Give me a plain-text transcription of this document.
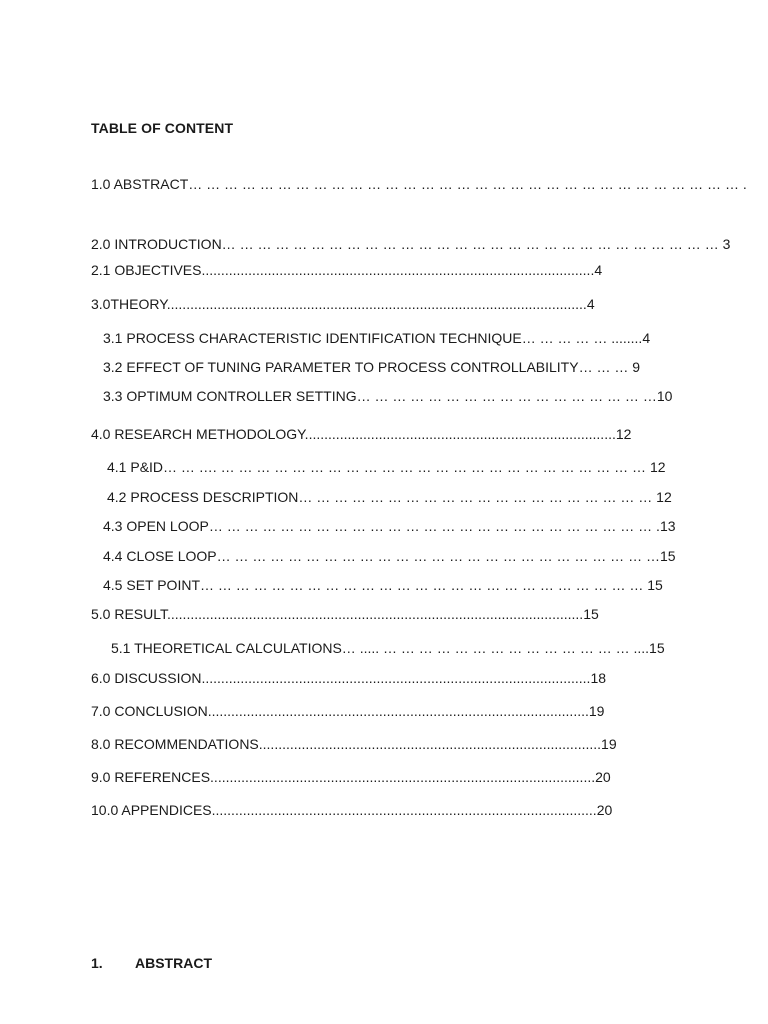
TABLE OF CONTENT
1.0 ABSTRACT… … … … … … … … … … … … … … … … … … … … … … … … … … … … … … … .
2.0 INTRODUCTION… … … … … … … … … … … … … … … … … … … … … … … … … … … … 3
2.1 OBJECTIVES.....................................................................................................4
3.0THEORY............................................................................................................4
3.1 PROCESS CHARACTERISTIC IDENTIFICATION TECHNIQUE… … … … … ........4
3.2 EFFECT OF TUNING PARAMETER TO PROCESS CONTROLLABILITY… … … 9
3.3 OPTIMUM CONTROLLER SETTING… … … … … … … … … … … … … … … … …10
4.0 RESEARCH METHODOLOGY................................................................................12
4.1 P&ID… … …. … … … … … … … … … … … … … … … … … … … … … … … … 12
4.2 PROCESS DESCRIPTION… … … … … … … … … … … … … … … … … … … … 12
4.3 OPEN LOOP… … … … … … … … … … … … … … … … … … … … … … … … … .13
4.4 CLOSE LOOP… … … … … … … … … … … … … … … … … … … … … … … … …15
4.5 SET POINT… … … … … … … … … … … … … … … … … … … … … … … … … 15
5.0 RESULT...........................................................................................................15
5.1 THEORETICAL CALCULATIONS… ..... … … … … … … … … … … … … … … ....15
6.0 DISCUSSION....................................................................................................18
7.0 CONCLUSION..................................................................................................19
8.0 RECOMMENDATIONS........................................................................................19
9.0 REFERENCES...................................................................................................20
10.0 APPENDICES...................................................................................................20
1. ABSTRACT
